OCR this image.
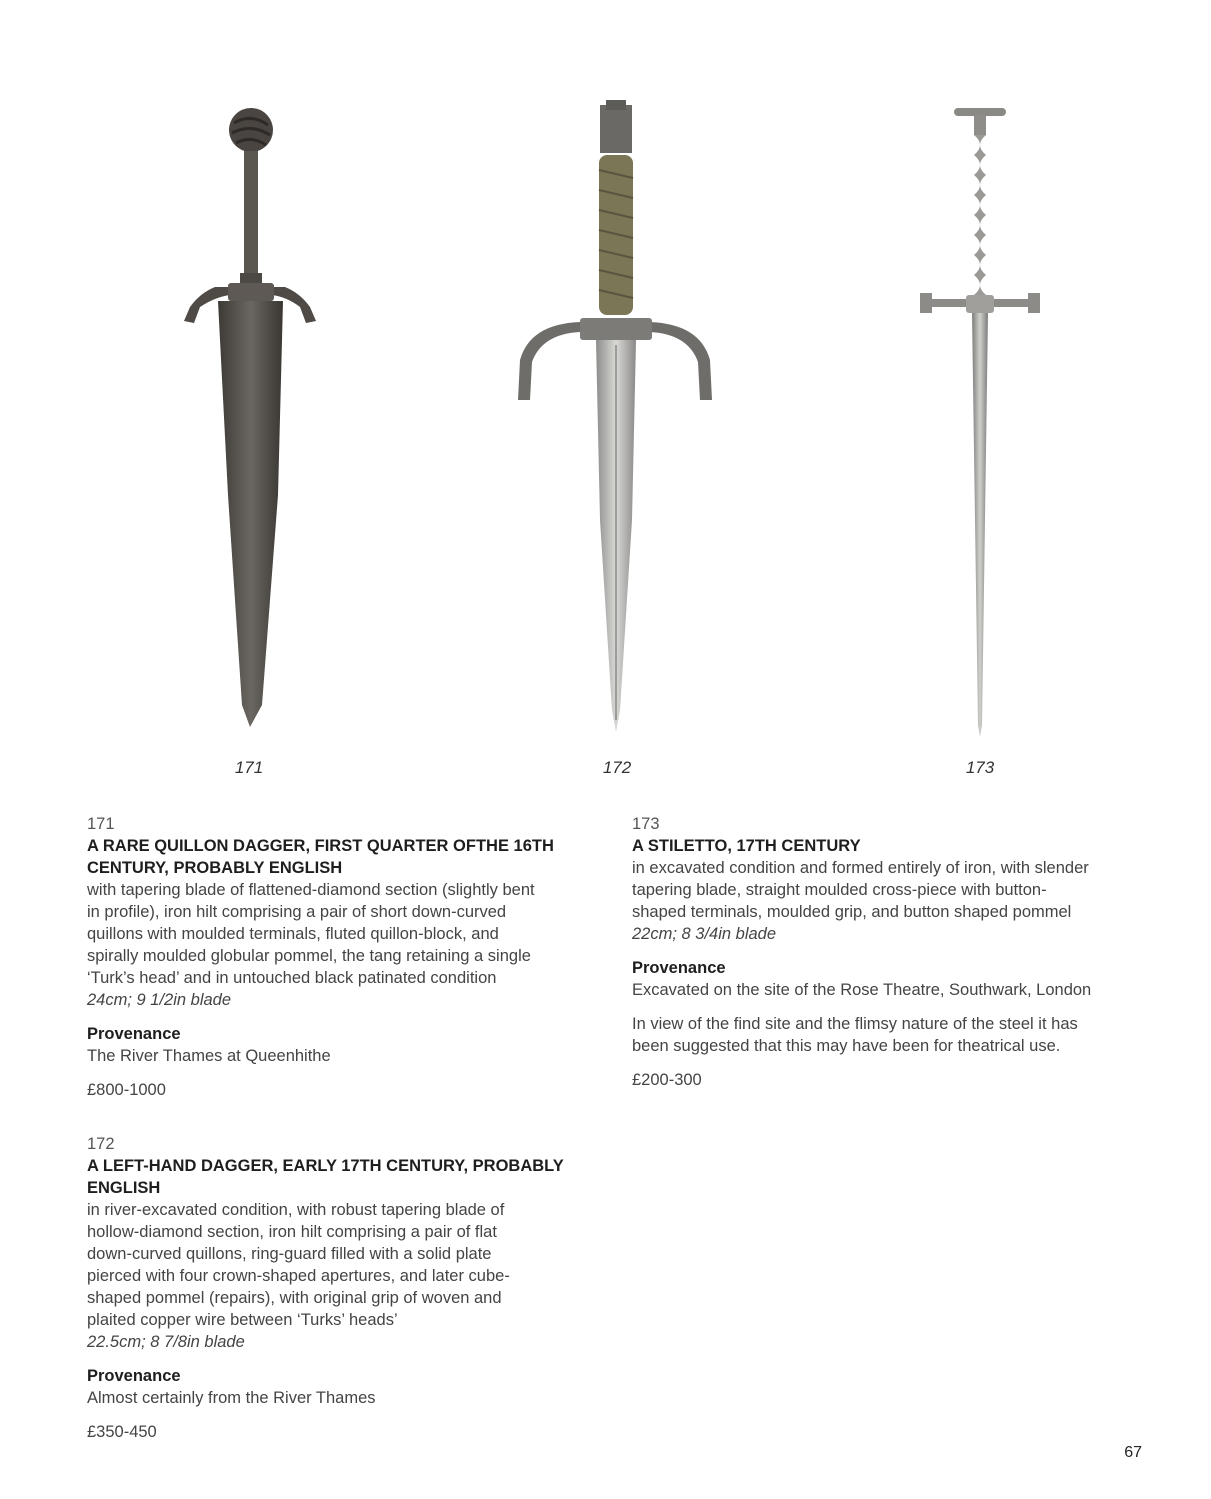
171	172	173
171
A RARE QUILLON DAGGER, FIRST QUARTER OFTHE 16TH
CENTURY, PROBABLY ENGLISH
with tapering blade of flattened-diamond section (slightly bent
in profile), iron hilt comprising a pair of short down-curved
quillons with moulded terminals, fluted quillon-block, and
spirally moulded globular pommel, the tang retaining a single
‘Turk’s head’ and in untouched black patinated condition
24cm; 9 1/2in blade
Provenance
The River Thames at Queenhithe
£800-1000
172
A LEFT-HAND DAGGER, EARLY 17TH CENTURY, PROBABLY
ENGLISH
in river-excavated condition, with robust tapering blade of
hollow-diamond section, iron hilt comprising a pair of flat
down-curved quillons, ring-guard filled with a solid plate
pierced with four crown-shaped apertures, and later cube-
shaped pommel (repairs), with original grip of woven and
plaited copper wire between ‘Turks’ heads’
22.5cm; 8 7/8in blade
Provenance
Almost certainly from the River Thames
£350-450
173
A STILETTO, 17TH CENTURY
in excavated condition and formed entirely of iron, with slender
tapering blade, straight moulded cross-piece with button-
shaped terminals, moulded grip, and button shaped pommel
22cm; 8 3/4in blade
Provenance
Excavated on the site of the Rose Theatre, Southwark, London
In view of the find site and the flimsy nature of the steel it has
been suggested that this may have been for theatrical use.
£200-300
67
